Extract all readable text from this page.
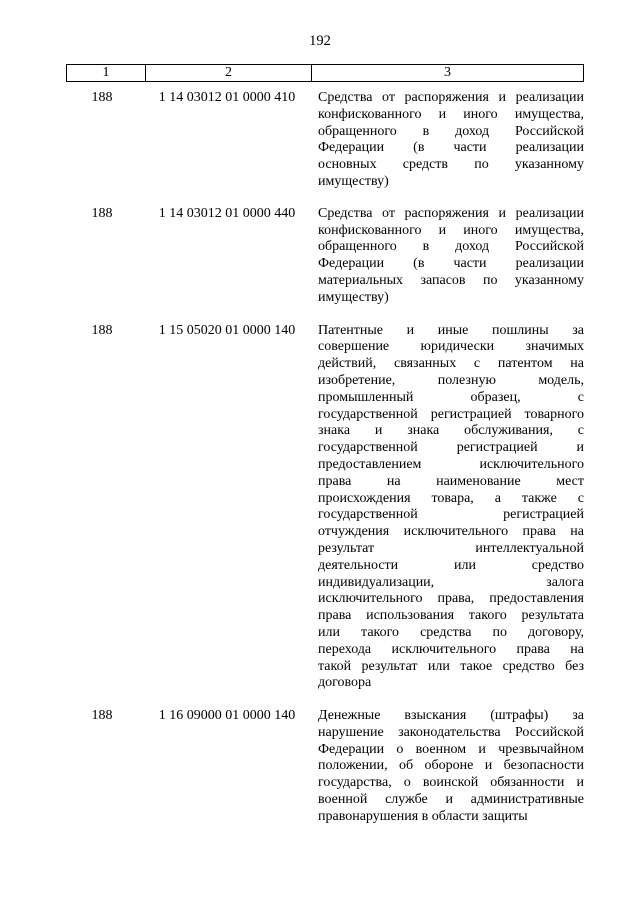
192
1	2	3
188	1 14 03012 01 0000 410	Средства от распоряжения и реализации
конфискованного и иного имущества,
обращенного в доход Российской
Федерации (в части реализации
основных средств по указанному
имуществу)
188	1 14 03012 01 0000 440	Средства от распоряжения и реализации
конфискованного и иного имущества,
обращенного в доход Российской
Федерации (в части реализации
материальных запасов по указанному
имуществу)
188	1 15 05020 01 0000 140	Патентные и иные пошлины за
совершение юридически значимых
действий, связанных с патентом на
изобретение, полезную модель,
промышленный образец, с
государственной регистрацией товарного
знака и знака обслуживания, с
государственной регистрацией и
предоставлением исключительного
права на наименование мест
происхождения товара, а также с
государственной регистрацией
отчуждения исключительного права на
результат интеллектуальной
деятельности или средство
индивидуализации, залога
исключительного права, предоставления
права использования такого результата
или такого средства по договору,
перехода исключительного права на
такой результат или такое средство без
договора
188	1 16 09000 01 0000 140	Денежные взыскания (штрафы) за
нарушение законодательства Российской
Федерации о военном и чрезвычайном
положении, об обороне и безопасности
государства, о воинской обязанности и
военной службе и административные
правонарушения в области защиты
